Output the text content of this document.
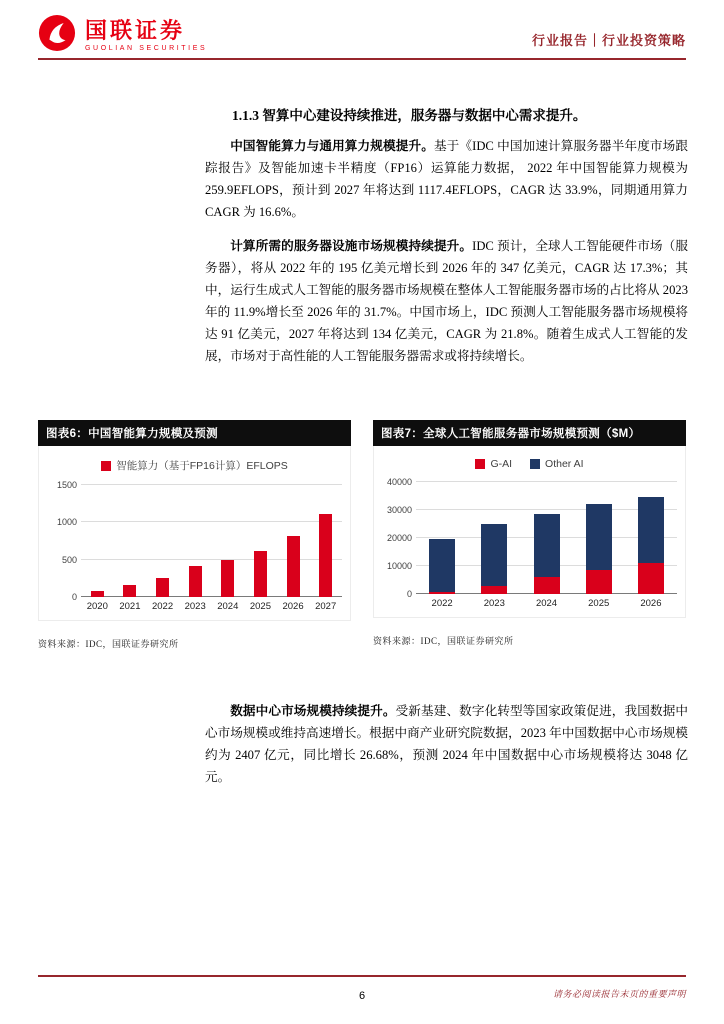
国联证券
GUOLIAN SECURITIES
行业报告｜行业投资策略
1.1.3 智算中心建设持续推进，服务器与数据中心需求提升。

中国智能算力与通用算力规模提升。基于《IDC 中国加速计算服务器半年度市场跟踪报告》及智能加速卡半精度（FP16）运算能力数据， 2022 年中国智能算力规模为 259.9EFLOPS，预计到 2027 年将达到 1117.4EFLOPS，CAGR 达 33.9%，同期通用算力 CAGR 为 16.6%。

计算所需的服务器设施市场规模持续提升。IDC 预计，全球人工智能硬件市场（服务器），将从 2022 年的 195 亿美元增长到 2026 年的 347 亿美元，CAGR 达 17.3%；其中，运行生成式人工智能的服务器市场规模在整体人工智能服务器市场的占比将从 2023 年的 11.9%增长至 2026 年的 31.7%。中国市场上，IDC 预测人工智能服务器市场规模将达 91 亿美元，2027 年将达到 134 亿美元，CAGR 为 21.8%。随着生成式人工智能的发展，市场对于高性能的人工智能服务器需求或将持续增长。

图表6：中国智能算力规模及预测
智能算力（基于FP16计算）EFLOPS
0
500
1000
1500
2020	2021	2022	2023	2024	2025	2026	2027
资料来源：IDC，国联证券研究所
图表7：全球人工智能服务器市场规模预测（$M）
G-AI	Other AI
0
10000
20000
30000
40000
2022	2023	2024	2025	2026
资料来源：IDC，国联证券研究所

数据中心市场规模持续提升。受新基建、数字化转型等国家政策促进，我国数据中心市场规模或维持高速增长。根据中商产业研究院数据，2023 年中国数据中心市场规模约为 2407 亿元，同比增长 26.68%，预测 2024 年中国数据中心市场规模将达 3048 亿元。

6	请务必阅读报告末页的重要声明
